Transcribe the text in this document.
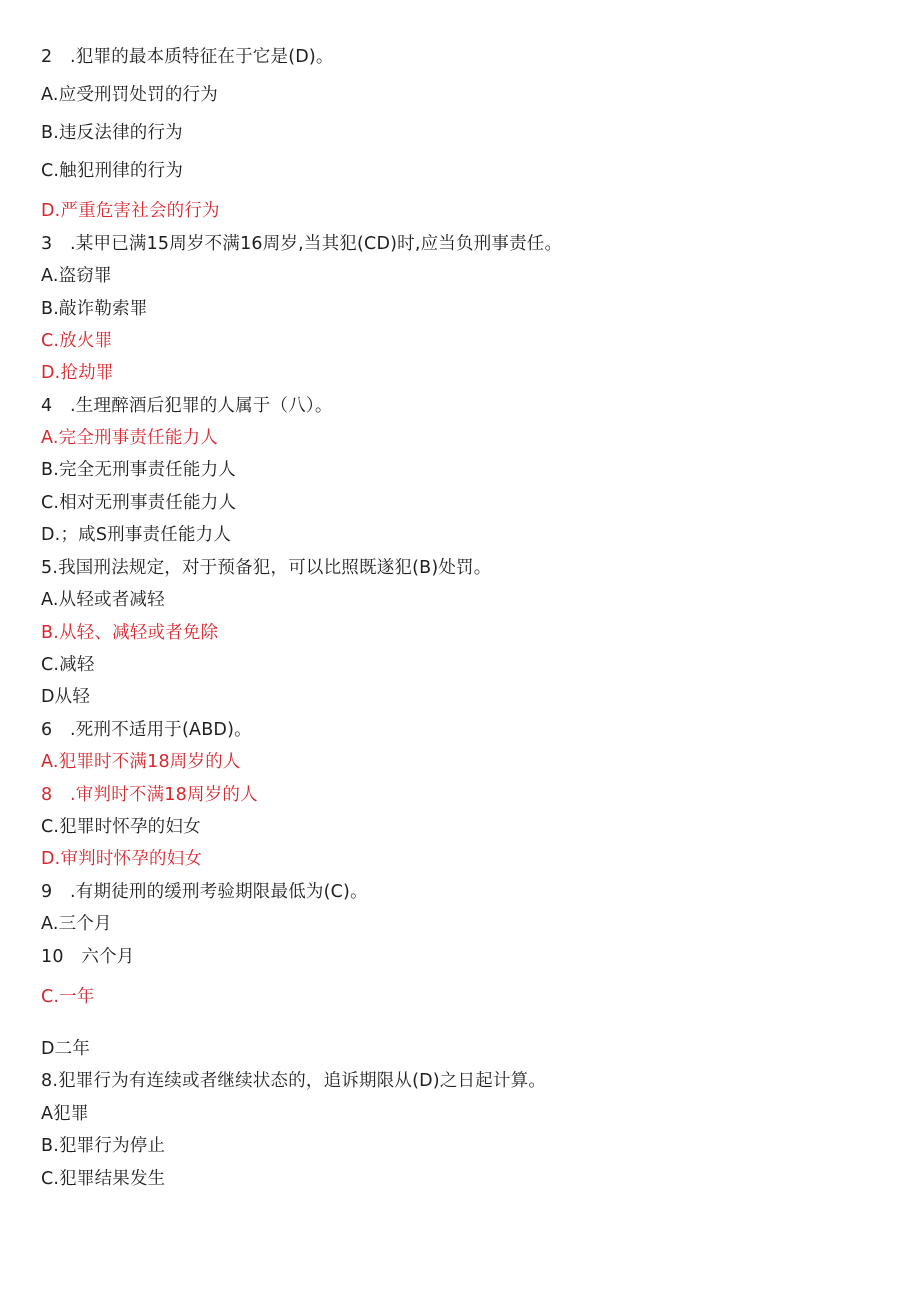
2　.犯罪的最本质特征在于它是(D)。
A.应受刑罚处罚的行为
B.违反法律的行为
C.触犯刑律的行为
D.严重危害社会的行为
3　.某甲已满15周岁不满16周岁,当其犯(CD)时,应当负刑事责任。
A.盗窃罪
B.敲诈勒索罪
C.放火罪
D.抢劫罪
4　.生理醉酒后犯罪的人属于（八）。
A.完全刑事责任能力人
B.完全无刑事责任能力人
C.相对无刑事责任能力人
D.；咸S刑事责任能力人
5.我国刑法规定，对于预备犯，可以比照既遂犯(B)处罚。
A.从轻或者减轻
B.从轻、减轻或者免除
C.减轻
D从轻
6　.死刑不适用于(ABD)。
A.犯罪时不满18周岁的人
8　.审判时不满18周岁的人
C.犯罪时怀孕的妇女
D.审判时怀孕的妇女
9　.有期徒刑的缓刑考验期限最低为(C)。
A.三个月
10　六个月
C.一年
D二年
8.犯罪行为有连续或者继续状态的，追诉期限从(D)之日起计算。
A犯罪
B.犯罪行为停止
C.犯罪结果发生
